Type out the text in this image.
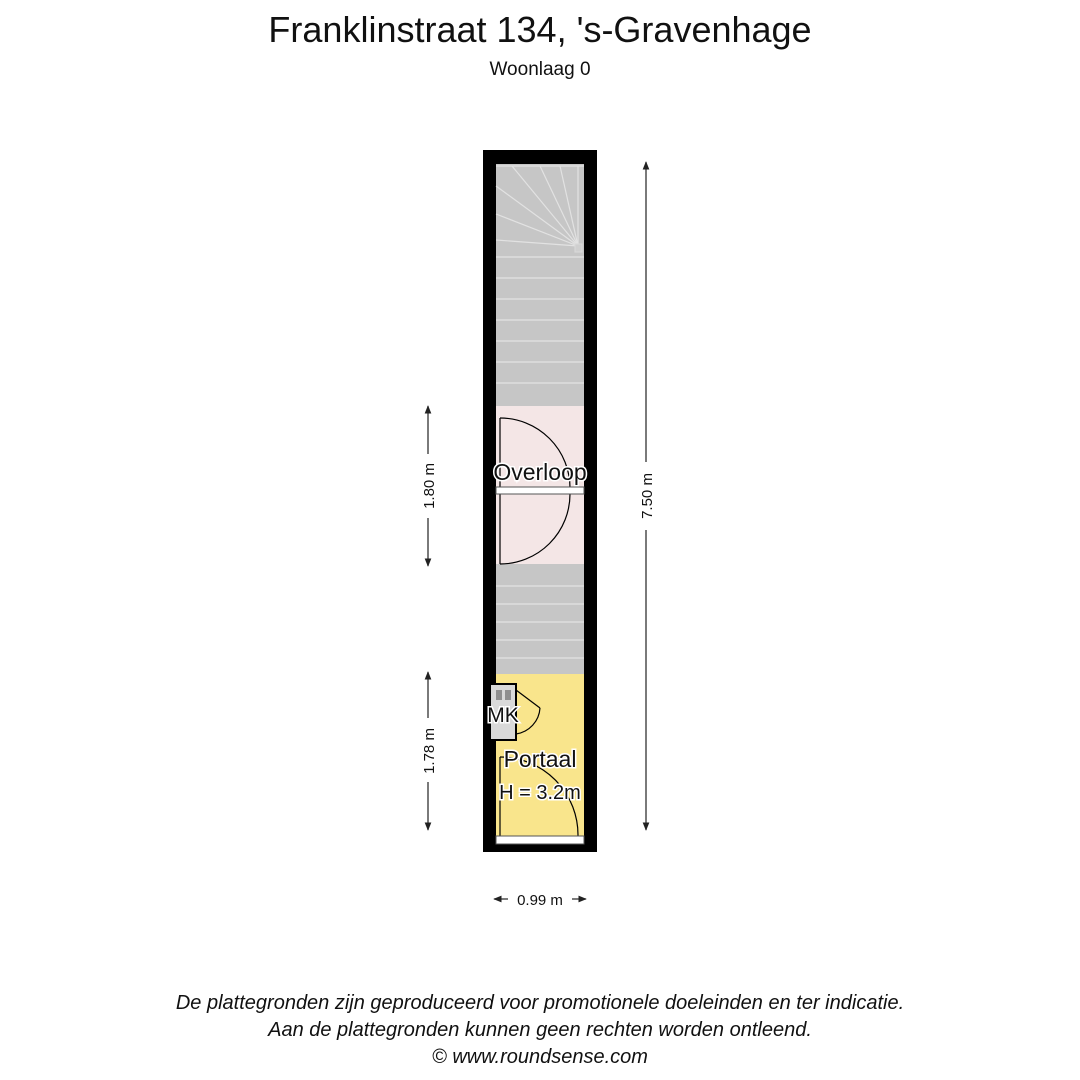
Franklinstraat 134, 's-Gravenhage
Woonlaag 0
MK
Overloop
Portaal
H = 3.2m
1.80 m
1.78 m
7.50 m
0.99 m
De plattegronden zijn geproduceerd voor promotionele doeleinden en ter indicatie.
Aan de plattegronden kunnen geen rechten worden ontleend.
© www.roundsense.com
